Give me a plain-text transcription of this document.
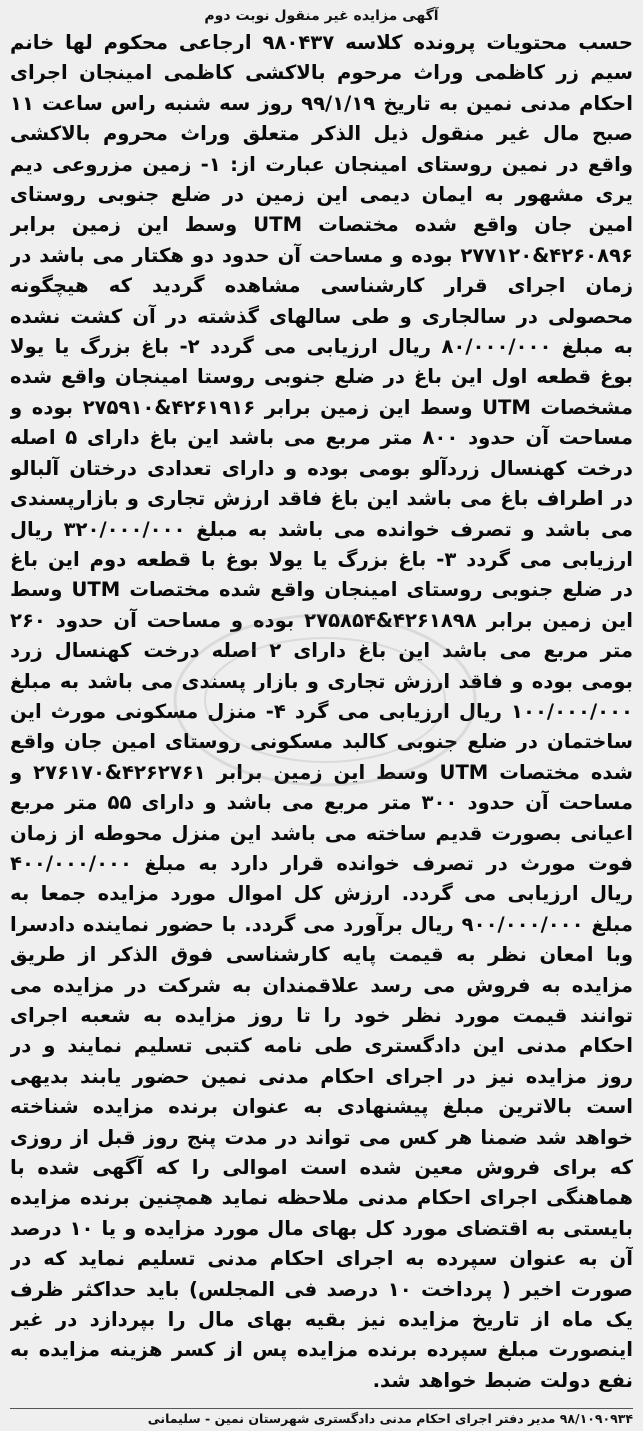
آگهی مزایده غیر منقول نوبت دوم
حسب محتویات پرونده کلاسه ۹۸۰۴۳۷ ارجاعی محکوم لها خانم سیم زر کاظمی وراث مرحوم بالاکشی کاظمی امینجان اجرای احکام مدنی نمین به تاریخ ۹۹/۱/۱۹ روز سه شنبه راس ساعت ۱۱ صبح مال غیر منقول ذیل الذکر متعلق وراث محروم بالاکشی واقع در نمین روستای امینجان عبارت از: ۱- زمین مزروعی دیم یری مشهور به ایمان دیمی این زمین در ضلع جنوبی روستای امین جان واقع شده مختصات UTM وسط این زمین برابر ۴۲۶۰۸۹۶&۲۷۷۱۲۰ بوده و مساحت آن حدود دو هکتار می باشد در زمان اجرای قرار کارشناسی مشاهده گردید که هیچگونه محصولی در سالجاری و طی سالهای گذشته در آن کشت نشده به مبلغ ۸۰/۰۰۰/۰۰۰ ریال ارزیابی می گردد ۲- باغ بزرگ یا یولا بوغ قطعه اول این باغ در ضلع جنوبی روستا امینجان واقع شده مشخصات UTM وسط این زمین برابر ۴۲۶۱۹۱۶&۲۷۵۹۱۰ بوده و مساحت آن حدود ۸۰۰ متر مربع می باشد این باغ دارای ۵ اصله درخت کهنسال زردآلو بومی بوده و دارای تعدادی درختان آلبالو در اطراف باغ می باشد این باغ فاقد ارزش تجاری و بازارپسندی می باشد و تصرف خوانده می باشد به مبلغ ۳۲۰/۰۰۰/۰۰۰ ریال ارزیابی می گردد ۳- باغ بزرگ یا یولا بوغ با قطعه دوم این باغ در ضلع جنوبی روستای امینجان واقع شده مختصات UTM وسط این زمین برابر ۴۲۶۱۸۹۸&۲۷۵۸۵۴ بوده و مساحت آن حدود ۲۶۰ متر مربع می باشد این باغ دارای ۲ اصله درخت کهنسال زرد بومی بوده و فاقد ارزش تجاری و بازار پسندی می باشد به مبلغ ۱۰۰/۰۰۰/۰۰۰ ریال ارزیابی می گرد ۴- منزل مسکونی مورث این ساختمان در ضلع جنوبی کالبد مسکونی روستای امین جان واقع شده مختصات UTM وسط این زمین برابر ۴۲۶۲۷۶۱&۲۷۶۱۷۰ و مساحت آن حدود ۳۰۰ متر مربع می باشد و دارای ۵۵ متر مربع اعیانی بصورت قدیم ساخته می باشد این منزل محوطه از زمان فوت مورث در تصرف خوانده قرار دارد به مبلغ ۴۰۰/۰۰۰/۰۰۰ ریال ارزیابی می گردد. ارزش کل اموال مورد مزایده جمعا به مبلغ ۹۰۰/۰۰۰/۰۰۰ ریال برآورد می گردد. با حضور نماینده دادسرا وبا امعان نظر به قیمت پایه کارشناسی فوق الذکر از طریق مزایده به فروش می رسد علاقمندان به شرکت در مزایده می توانند قیمت مورد نظر خود را تا روز مزایده به شعبه اجرای احکام مدنی این دادگستری طی نامه کتبی تسلیم نمایند و در روز مزایده نیز در اجرای احکام مدنی نمین حضور یابند بدیهی است بالاترین مبلغ پیشنهادی به عنوان برنده مزایده شناخته خواهد شد ضمنا هر کس می تواند در مدت پنج روز قبل از روزی که برای فروش معین شده است اموالی را که آگهی شده با هماهنگی اجرای احکام مدنی ملاحظه نماید همچنین برنده مزایده بایستی به اقتضای مورد کل بهای مال مورد مزایده و یا ۱۰ درصد آن به عنوان سپرده به اجرای احکام مدنی تسلیم نماید که در صورت اخیر ( پرداخت ۱۰ درصد فی المجلس) باید حداکثر ظرف یک ماه از تاریخ مزایده نیز بقیه بهای مال را بپردازد در غیر اینصورت مبلغ سپرده برنده مزایده پس از کسر هزینه مزایده به نفع دولت ضبط خواهد شد.
۹۸/۱۰۹۰۹۳۴ مدیر دفتر اجرای احکام مدنی دادگستری شهرستان نمین - سلیمانی
